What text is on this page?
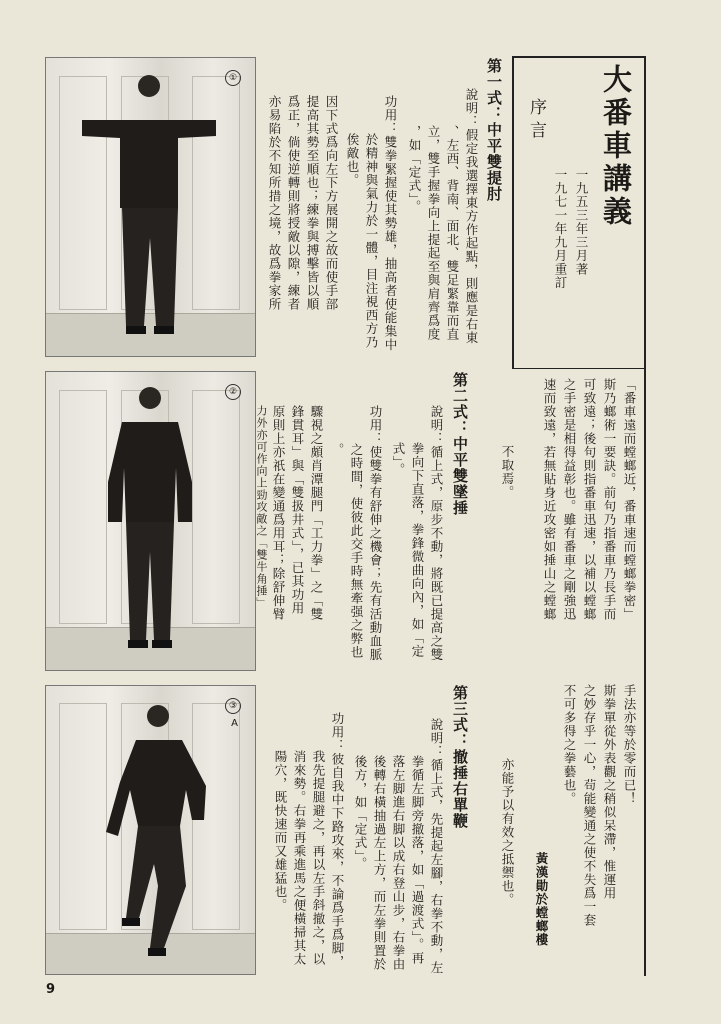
①
②
③
A
第一式：中平雙提肘
說明：假定我選擇東方作起點，則應是右東
、左西、背南、面北、雙足緊靠而直
立，雙手握拳向上提起至與肩齊爲度
，如「定式」。
功用：雙拳緊握使其勢雄，抽高者使能集中
於精神與氣力於一體，目注視西方乃
俟敵也。
因下式爲向左下方展開之故而使手部
提高其勢至順也；練拳與搏擊皆以順
爲正，倘使逆轉則將授敵以隙，練者
亦易陷於不知所措之境，故爲拳家所
第二式：中平雙墜捶
說明：循上式，原步不動，將既已提高之雙
拳向下直落，拳鋒微曲向內，如「定
式」。
功用：使雙拳有舒伸之機會；先有活動血脈
之時間，使彼此交手時無牽强之弊也
。
驟視之頗肖潭腿門「工力拳」之「雙
鋒貫耳」與「雙扱井式」，已其功用
原則上亦祇在變通爲用耳；除舒伸臂
力外亦可作向上勁攻敵之「雙牛角捶」	不取焉。
第三式：撤捶右單鞭
說明：循上式，先提起左腳，右拳不動，左
拳循左脚旁撤落，如「過渡式」。再
落左脚進右脚以成右登山步，右拳由
後轉右橫抽過左上方，而左拳則置於
後方，如「定式」。
功用：彼自我中下路攻來，不論爲手爲脚，
我先提腿避之，再以左手斜撤之，以
消來勢。右拳再乘進馬之便橫掃其太
陽穴，既快速而又雄猛也。	亦能予以有效之抵禦也。
大番車講義
序言
一九五三年三月著
一九七一年九月重訂
「番車遠而螳螂近，番車速而螳螂拳密」
斯乃螂術一要訣。前句乃指番車乃長手而
可致遠；後句則指番車迅速，以補以螳螂
之手密是相得益彰也。雖有番車之剛強迅
速而致遠，若無貼身近攻密如捶山之螳螂
手法亦等於零而已！
斯拳單從外表觀之稍似呆滯，惟運用
之妙存乎一心，茍能變通之使不失爲一套
不可多得之拳藝也。
黃漢勛於螳螂樓
9
